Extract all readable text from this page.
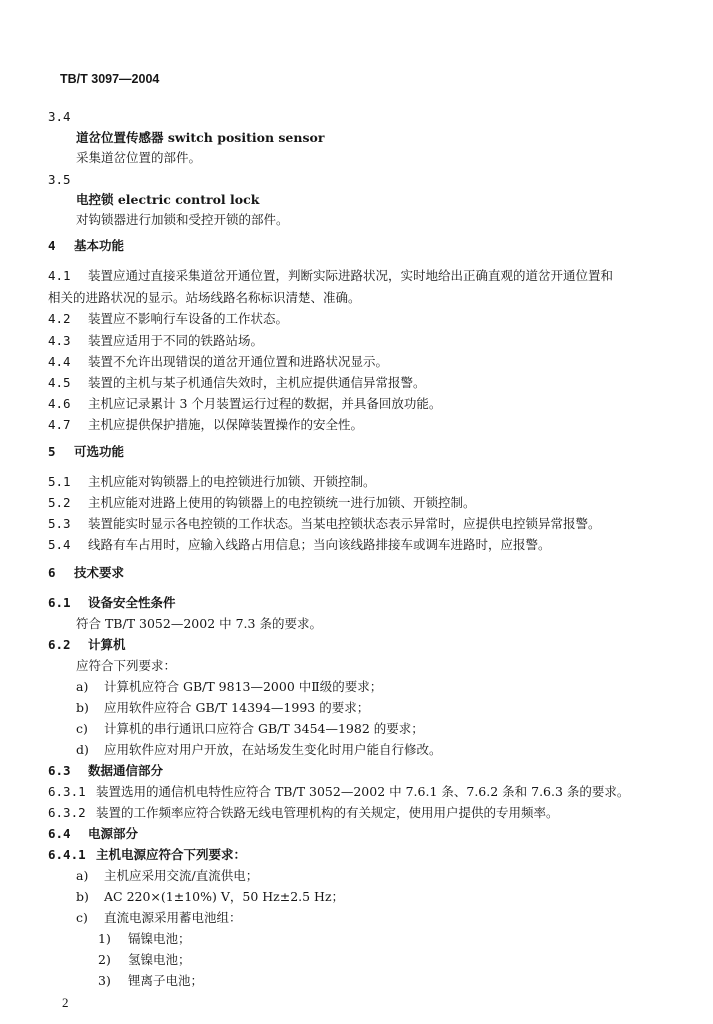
TB/T 3097—2004
3.4
道岔位置传感器 switch position sensor
采集道岔位置的部件。
3.5
电控锁 electric control lock
对钩锁器进行加锁和受控开锁的部件。
4 基本功能
4.1 装置应通过直接采集道岔开通位置，判断实际进路状况，实时地给出正确直观的道岔开通位置和
相关的进路状况的显示。站场线路名称标识清楚、准确。
4.2 装置应不影响行车设备的工作状态。
4.3 装置应适用于不同的铁路站场。
4.4 装置不允许出现错误的道岔开通位置和进路状况显示。
4.5 装置的主机与某子机通信失效时，主机应提供通信异常报警。
4.6 主机应记录累计 3 个月装置运行过程的数据，并具备回放功能。
4.7 主机应提供保护措施，以保障装置操作的安全性。
5 可选功能
5.1 主机应能对钩锁器上的电控锁进行加锁、开锁控制。
5.2 主机应能对进路上使用的钩锁器上的电控锁统一进行加锁、开锁控制。
5.3 装置能实时显示各电控锁的工作状态。当某电控锁状态表示异常时，应提供电控锁异常报警。
5.4 线路有车占用时，应输入线路占用信息；当向该线路排接车或调车进路时，应报警。
6 技术要求
6.1 设备安全性条件
符合 TB/T 3052—2002 中 7.3 条的要求。
6.2 计算机
应符合下列要求：
a) 计算机应符合 GB/T 9813—2000 中Ⅱ级的要求；
b) 应用软件应符合 GB/T 14394—1993 的要求；
c) 计算机的串行通讯口应符合 GB/T 3454—1982 的要求；
d) 应用软件应对用户开放，在站场发生变化时用户能自行修改。
6.3 数据通信部分
6.3.1 装置选用的通信机电特性应符合 TB/T 3052—2002 中 7.6.1 条、7.6.2 条和 7.6.3 条的要求。
6.3.2 装置的工作频率应符合铁路无线电管理机构的有关规定，使用用户提供的专用频率。
6.4 电源部分
6.4.1 主机电源应符合下列要求：
a) 主机应采用交流/直流供电；
b) AC 220×(1±10%) V，50 Hz±2.5 Hz；
c) 直流电源采用蓄电池组：
1) 镉镍电池；
2) 氢镍电池；
3) 锂离子电池；
2
